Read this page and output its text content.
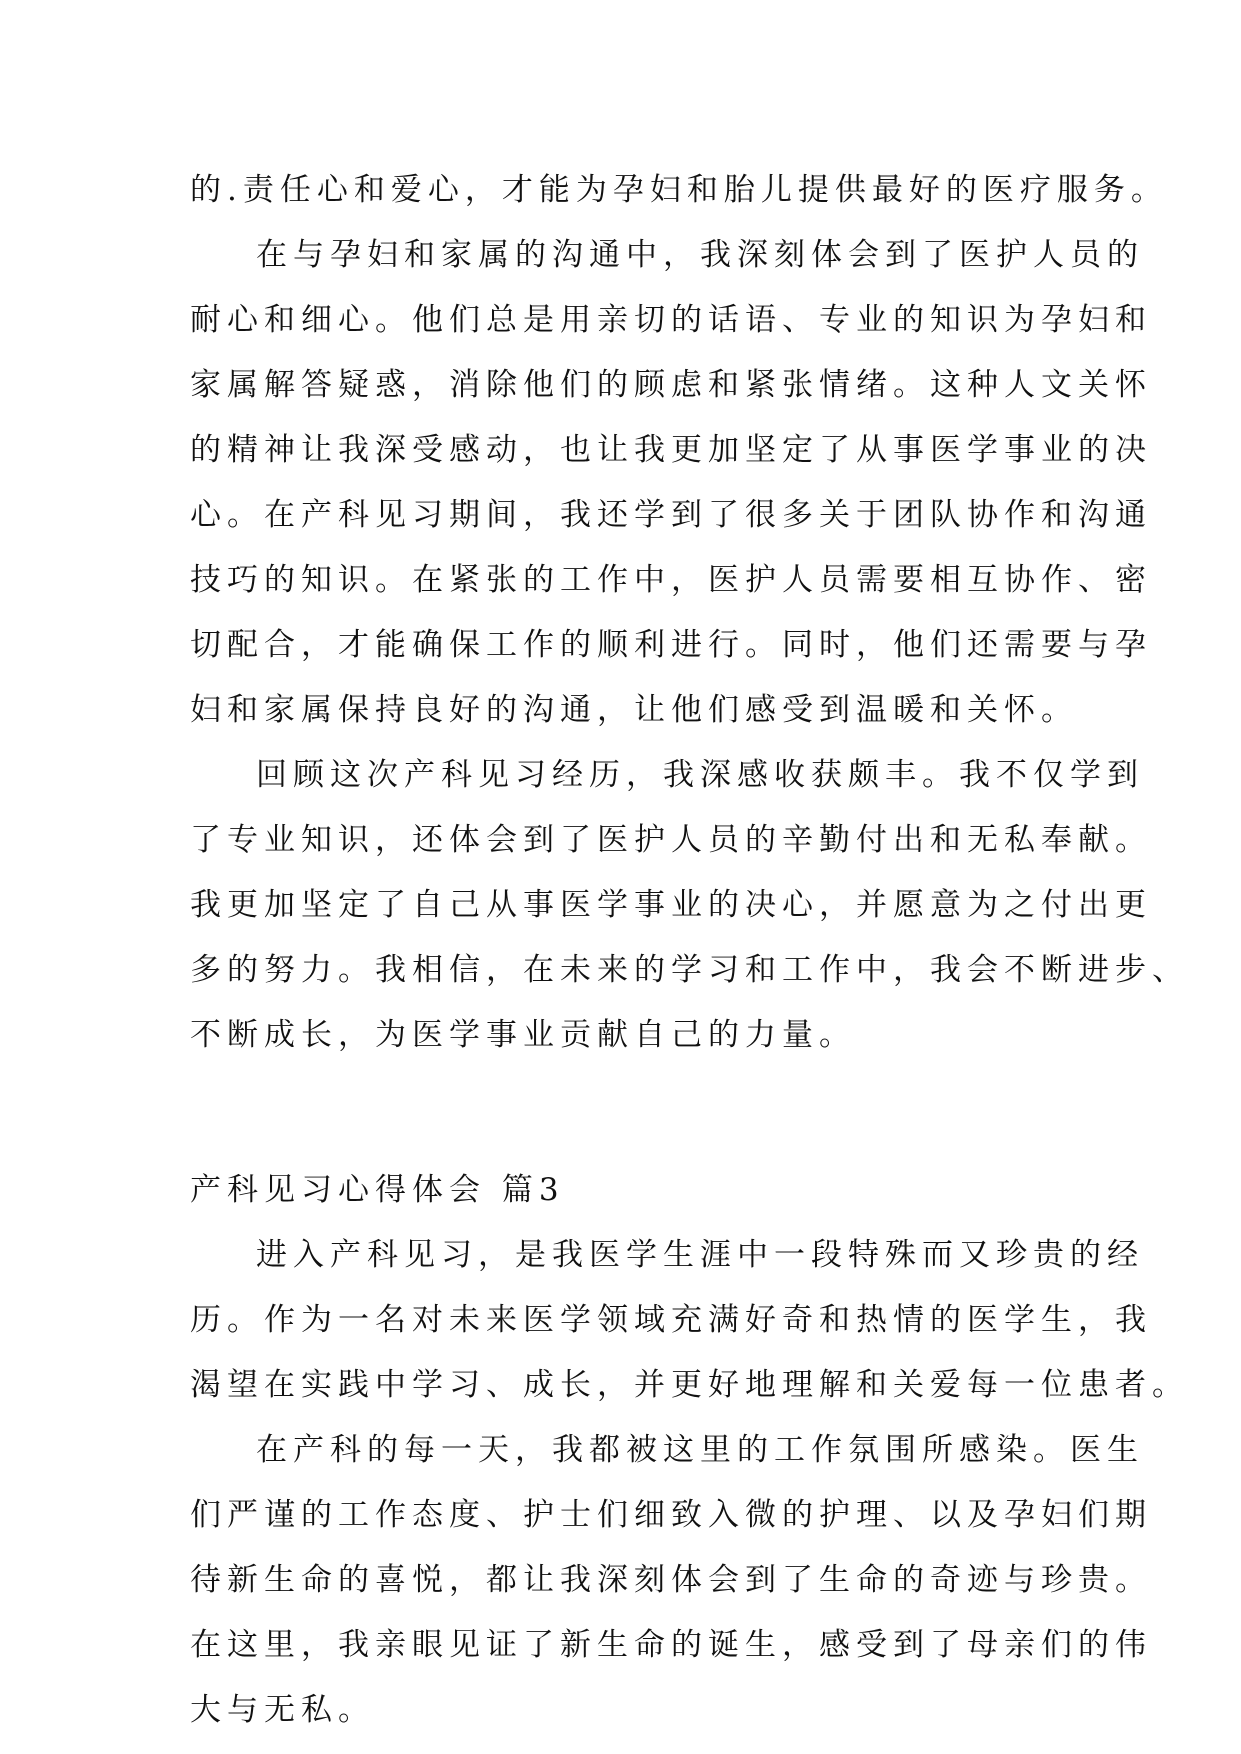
的.责任心和爱心，才能为孕妇和胎儿提供最好的医疗服务。
在与孕妇和家属的沟通中，我深刻体会到了医护人员的
耐心和细心。他们总是用亲切的话语、专业的知识为孕妇和
家属解答疑惑，消除他们的顾虑和紧张情绪。这种人文关怀
的精神让我深受感动，也让我更加坚定了从事医学事业的决
心。在产科见习期间，我还学到了很多关于团队协作和沟通
技巧的知识。在紧张的工作中，医护人员需要相互协作、密
切配合，才能确保工作的顺利进行。同时，他们还需要与孕
妇和家属保持良好的沟通，让他们感受到温暖和关怀。
回顾这次产科见习经历，我深感收获颇丰。我不仅学到
了专业知识，还体会到了医护人员的辛勤付出和无私奉献。
我更加坚定了自己从事医学事业的决心，并愿意为之付出更
多的努力。我相信，在未来的学习和工作中，我会不断进步、
不断成长，为医学事业贡献自己的力量。
产科见习心得体会 篇3
进入产科见习，是我医学生涯中一段特殊而又珍贵的经
历。作为一名对未来医学领域充满好奇和热情的医学生，我
渴望在实践中学习、成长，并更好地理解和关爱每一位患者。
在产科的每一天，我都被这里的工作氛围所感染。医生
们严谨的工作态度、护士们细致入微的护理、以及孕妇们期
待新生命的喜悦，都让我深刻体会到了生命的奇迹与珍贵。
在这里，我亲眼见证了新生命的诞生，感受到了母亲们的伟
大与无私。
